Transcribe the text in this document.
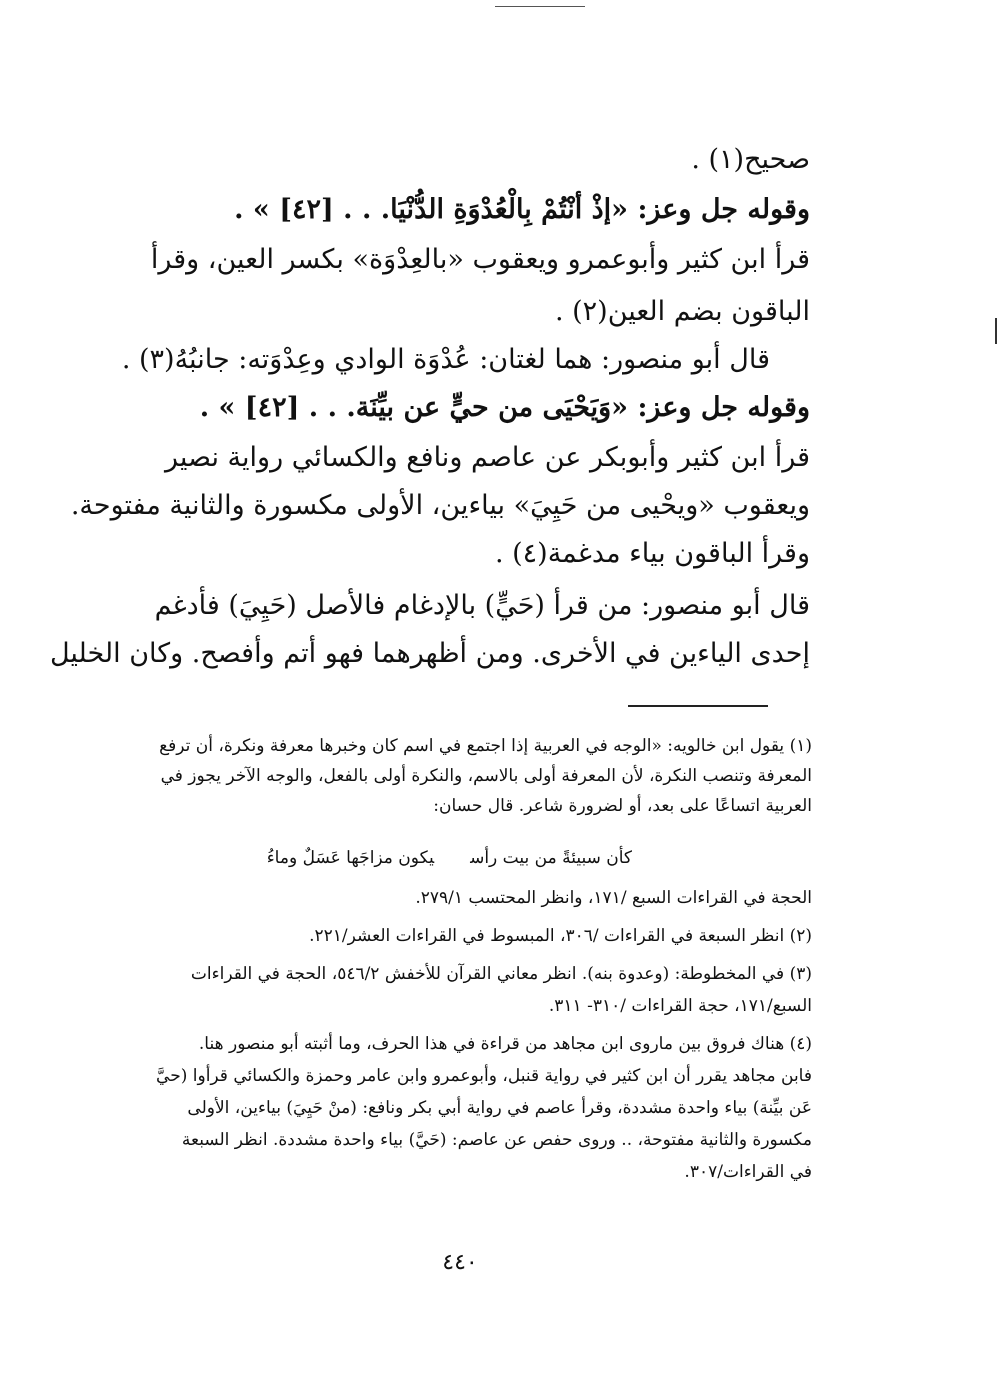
صحيح(١) .
وقوله جل وعز: «إذْ أنْتُمْ بِالْعُدْوَةِ الدُّنْيَا. . . [٤٢] » .
قرأ ابن كثير وأبوعمرو ويعقوب «بالعِدْوَة» بكسر العين، وقرأ
الباقون بضم العين(٢) .
قال أبو منصور: هما لغتان: عُدْوَة الوادي وعِدْوَته: جانبُهُ(٣) .
وقوله جل وعز: «وَيَحْيَى من حيٍّ عن بيِّنَة. . . [٤٢] » .
قرأ ابن كثير وأبوبكر عن عاصم ونافع والكسائي رواية نصير
ويعقوب «ويحْيى من حَيِيَ» بياءين، الأولى مكسورة والثانية مفتوحة.
وقرأ الباقون بياء مدغمة(٤) .
قال أبو منصور: من قرأ (حَيٍّ) بالإدغام فالأصل (حَيِيَ) فأدغم
إحدى الياءين في الأخرى. ومن أظهرهما فهو أتم وأفصح. وكان الخليل
(١) يقول ابن خالويه: «الوجه في العربية إذا اجتمع في اسم كان وخبرها معرفة ونكرة، أن ترفع
المعرفة وتنصب النكرة، لأن المعرفة أولى بالاسم، والنكرة أولى بالفعل، والوجه الآخر يجوز في
العربية اتساعًا على بعد، أو لضرورة شاعر. قال حسان:
الحجة في القراءات السبع /١٧١، وانظر المحتسب ٢٧٩/١.
(٢) انظر السبعة في القراءات /٣٠٦، المبسوط في القراءات العشر/٢٢١.
(٣) في المخطوطة: (وعدوة بنه). انظر معاني القرآن للأخفش ٥٤٦/٢، الحجة في القراءات
السبع/١٧١، حجة القراءات /٣١٠- ٣١١.
(٤) هناك فروق بين ماروى ابن مجاهد من قراءة في هذا الحرف، وما أثبته أبو منصور هنا.
فابن مجاهد يقرر أن ابن كثير في رواية قنبل، وأبوعمرو وابن عامر وحمزة والكسائي قرأوا (حيَّ
عَن بيِّنة) بياء واحدة مشددة، وقرأ عاصم في رواية أبي بكر ونافع: (منْ حَيِيَ) بياءين، الأولى
مكسورة والثانية مفتوحة، .. وروى حفص عن عاصم: (حَيَّ) بياء واحدة مشددة. انظر السبعة
في القراءات/٣٠٧.
كأن سبيئةً من بيت رأسيكون مزاجَها عَسَلٌ وماءُ
٤٤٠
